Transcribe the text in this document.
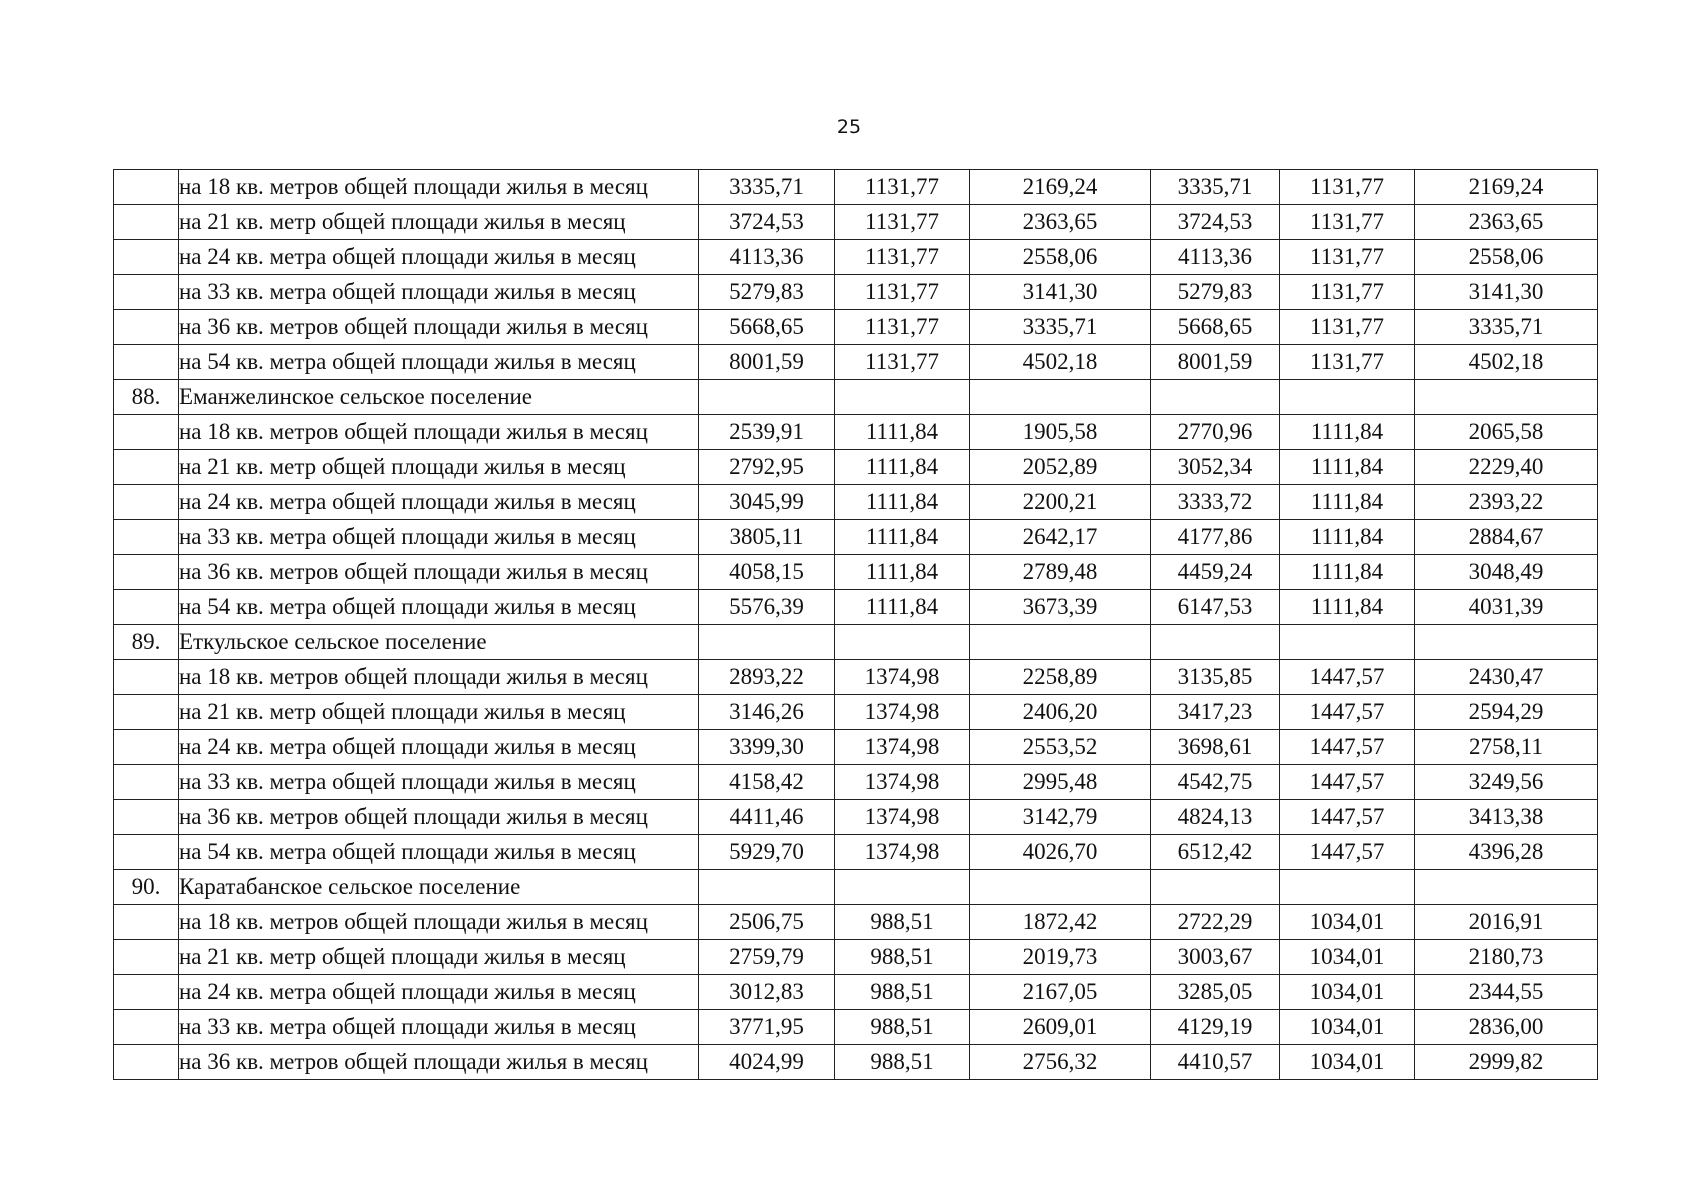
25
	на 18 кв. метров общей площади жилья в месяц	3335,71	1131,77	2169,24	3335,71	1131,77	2169,24
	на 21 кв. метр общей площади жилья в месяц	3724,53	1131,77	2363,65	3724,53	1131,77	2363,65
	на 24 кв. метра общей площади жилья в месяц	4113,36	1131,77	2558,06	4113,36	1131,77	2558,06
	на 33 кв. метра общей площади жилья в месяц	5279,83	1131,77	3141,30	5279,83	1131,77	3141,30
	на 36 кв. метров общей площади жилья в месяц	5668,65	1131,77	3335,71	5668,65	1131,77	3335,71
	на 54 кв. метра общей площади жилья в месяц	8001,59	1131,77	4502,18	8001,59	1131,77	4502,18
88.	Еманжелинское сельское поселение						
	на 18 кв. метров общей площади жилья в месяц	2539,91	1111,84	1905,58	2770,96	1111,84	2065,58
	на 21 кв. метр общей площади жилья в месяц	2792,95	1111,84	2052,89	3052,34	1111,84	2229,40
	на 24 кв. метра общей площади жилья в месяц	3045,99	1111,84	2200,21	3333,72	1111,84	2393,22
	на 33 кв. метра общей площади жилья в месяц	3805,11	1111,84	2642,17	4177,86	1111,84	2884,67
	на 36 кв. метров общей площади жилья в месяц	4058,15	1111,84	2789,48	4459,24	1111,84	3048,49
	на 54 кв. метра общей площади жилья в месяц	5576,39	1111,84	3673,39	6147,53	1111,84	4031,39
89.	Еткульское сельское поселение						
	на 18 кв. метров общей площади жилья в месяц	2893,22	1374,98	2258,89	3135,85	1447,57	2430,47
	на 21 кв. метр общей площади жилья в месяц	3146,26	1374,98	2406,20	3417,23	1447,57	2594,29
	на 24 кв. метра общей площади жилья в месяц	3399,30	1374,98	2553,52	3698,61	1447,57	2758,11
	на 33 кв. метра общей площади жилья в месяц	4158,42	1374,98	2995,48	4542,75	1447,57	3249,56
	на 36 кв. метров общей площади жилья в месяц	4411,46	1374,98	3142,79	4824,13	1447,57	3413,38
	на 54 кв. метра общей площади жилья в месяц	5929,70	1374,98	4026,70	6512,42	1447,57	4396,28
90.	Каратабанское сельское поселение						
	на 18 кв. метров общей площади жилья в месяц	2506,75	988,51	1872,42	2722,29	1034,01	2016,91
	на 21 кв. метр общей площади жилья в месяц	2759,79	988,51	2019,73	3003,67	1034,01	2180,73
	на 24 кв. метра общей площади жилья в месяц	3012,83	988,51	2167,05	3285,05	1034,01	2344,55
	на 33 кв. метра общей площади жилья в месяц	3771,95	988,51	2609,01	4129,19	1034,01	2836,00
	на 36 кв. метров общей площади жилья в месяц	4024,99	988,51	2756,32	4410,57	1034,01	2999,82
